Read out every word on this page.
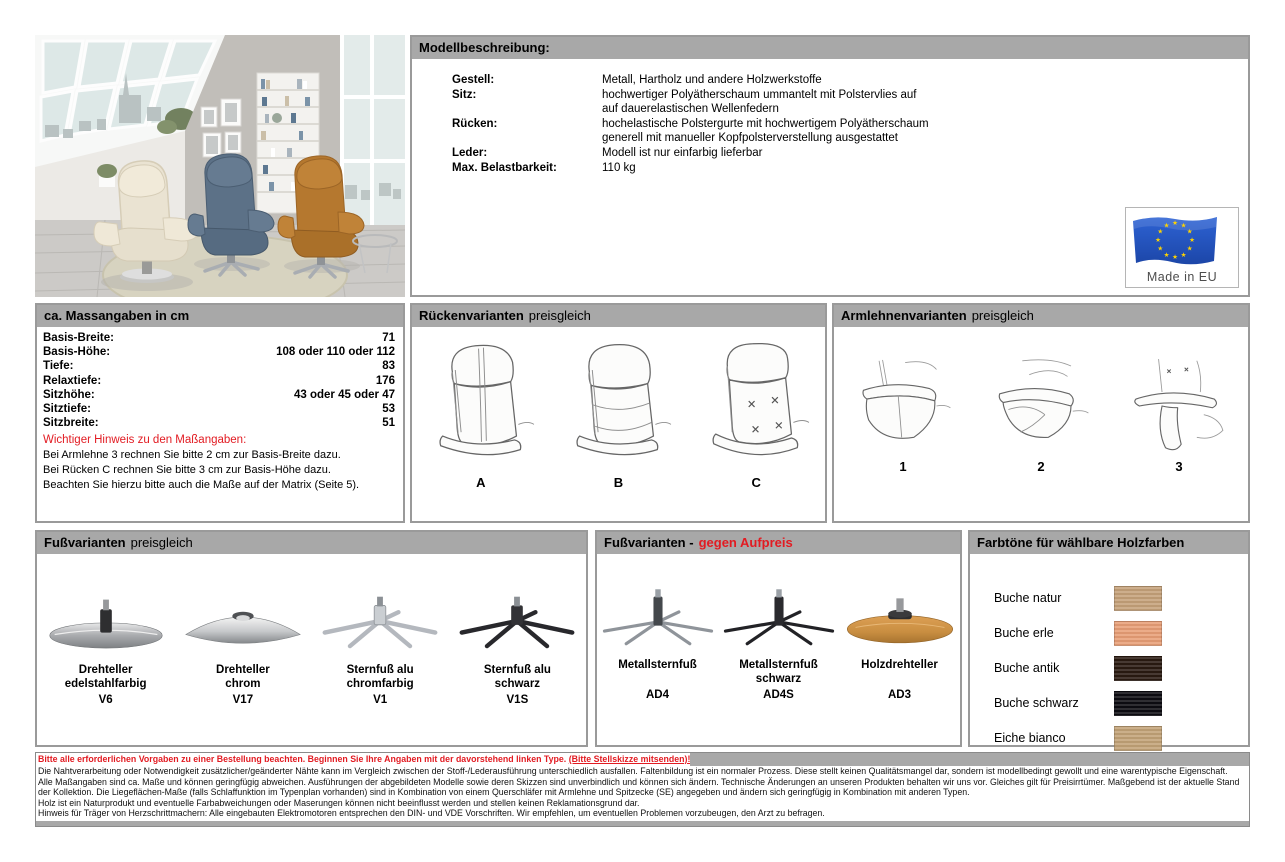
Modellbeschreibung:
Gestell:	Metall, Hartholz und andere Holzwerkstoffe
Sitz:	hochwertiger Polyätherschaum ummantelt mit Polstervlies auf
auf dauerelastischen Wellenfedern
Rücken:	hochelastische Polstergurte mit hochwertigem Polyätherschaum
generell mit manueller Kopfpolsterverstellung ausgestattet
Leder:	Modell ist nur einfarbig lieferbar
Max. Belastbarkeit:	110 kg
★ ★
★
★
★
★
★
★
★
★
★
★
Made in EU
ca. Massangaben in cm
Basis-Breite:	71
Basis-Höhe:	108 oder 110 oder 112
Tiefe:	83
Relaxtiefe:	176
Sitzhöhe:	43 oder 45 oder 47
Sitztiefe:	53
Sitzbreite:	51
Wichtiger Hinweis zu den Maßangaben:
Bei Armlehne 3 rechnen Sie bitte 2 cm zur Basis-Breite dazu.
Bei Rücken C rechnen Sie bitte 3 cm zur Basis-Höhe dazu.
Beachten Sie hierzu bitte auch die Maße auf der Matrix (Seite 5).
Rückenvarianten preisgleich
A	B	C
Armlehnenvarianten preisgleich
1	2	3
Fußvarianten preisgleich
Drehteller
edelstahlfarbig
V6
Drehteller
chrom
V17
Sternfuß alu
chromfarbig
V1
Sternfuß alu
schwarz
V1S
Fußvarianten - gegen Aufpreis
Metallsternfuß
AD4
Metallsternfuß
schwarz
AD4S
Holzdrehteller
AD3
Farbtöne für wählbare Holzfarben
Buche natur
Buche erle
Buche antik
Buche schwarz
Eiche bianco
Bitte alle erforderlichen Vorgaben zu einer Bestellung beachten. Beginnen Sie Ihre Angaben mit der davorstehend linken Type. (Bitte Stellskizze mitsenden)!
Die Nahtverarbeitung oder Notwendigkeit zusätzlicher/geänderter Nähte kann im Vergleich zwischen der Stoff-/Lederausführung unterschiedlich ausfallen. Faltenbildung ist ein normaler Prozess. Diese stellt keinen Qualitätsmangel dar, sondern ist modellbedingt gewollt und eine warentypische Eigenschaft.
Alle Maßangaben sind ca. Maße und können geringfügig abweichen. Ausführungen der abgebildeten Modelle sowie deren Skizzen sind unverbindlich und können sich ändern. Technische Änderungen an unseren Produkten behalten wir uns vor. Gleiches gilt für Preisirrtümer. Maßgebend ist der aktuelle Stand
der Kollektion. Die Liegeflächen-Maße (falls Schlaffunktion im Typenplan vorhanden) sind in Kombination von einem Querschläfer mit Armlehne und Spitzecke (SE) angegeben und ändern sich geringfügig in Kombination mit anderen Typen.
Holz ist ein Naturprodukt und eventuelle Farbabweichungen oder Maserungen können nicht beeinflusst werden und stellen keinen Reklamationsgrund dar.
Hinweis für Träger von Herzschrittmachern: Alle eingebauten Elektromotoren entsprechen den DIN- und VDE Vorschriften. Wir empfehlen, um eventuellen Problemen vorzubeugen, den Arzt zu befragen.
